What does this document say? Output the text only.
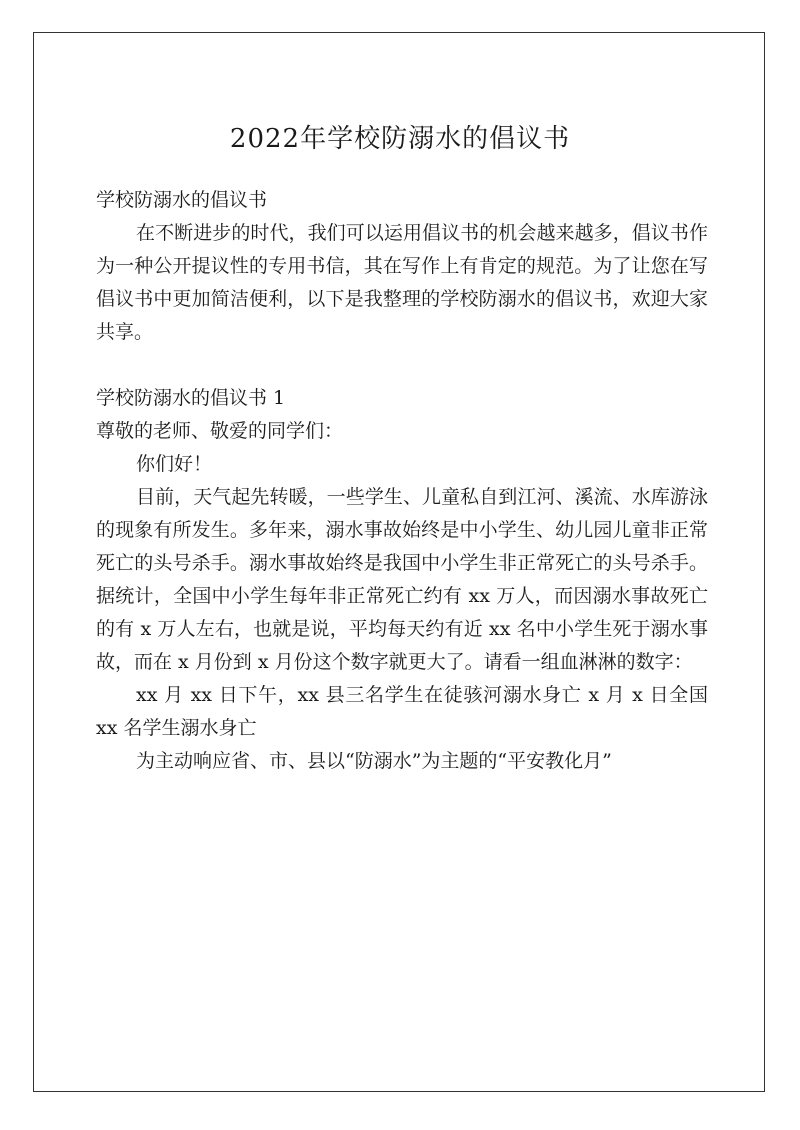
2022年学校防溺水的倡议书

学校防溺水的倡议书

在不断进步的时代，我们可以运用倡议书的机会越来越多，倡议书作为一种公开提议性的专用书信，其在写作上有肯定的规范。为了让您在写倡议书中更加简洁便利，以下是我整理的学校防溺水的倡议书，欢迎大家共享。

学校防溺水的倡议书 1

尊敬的老师、敬爱的同学们：

你们好！

目前，天气起先转暖，一些学生、儿童私自到江河、溪流、水库游泳的现象有所发生。多年来，溺水事故始终是中小学生、幼儿园儿童非正常死亡的头号杀手。溺水事故始终是我国中小学生非正常死亡的头号杀手。据统计，全国中小学生每年非正常死亡约有 xx 万人，而因溺水事故死亡的有 x 万人左右，也就是说，平均每天约有近 xx 名中小学生死于溺水事故，而在 x 月份到 x 月份这个数字就更大了。请看一组血淋淋的数字：

xx 月 xx 日下午，xx 县三名学生在徒骇河溺水身亡 x 月 x 日全国 xx 名学生溺水身亡

为主动响应省、市、县以“防溺水”为主题的“平安教化月”
